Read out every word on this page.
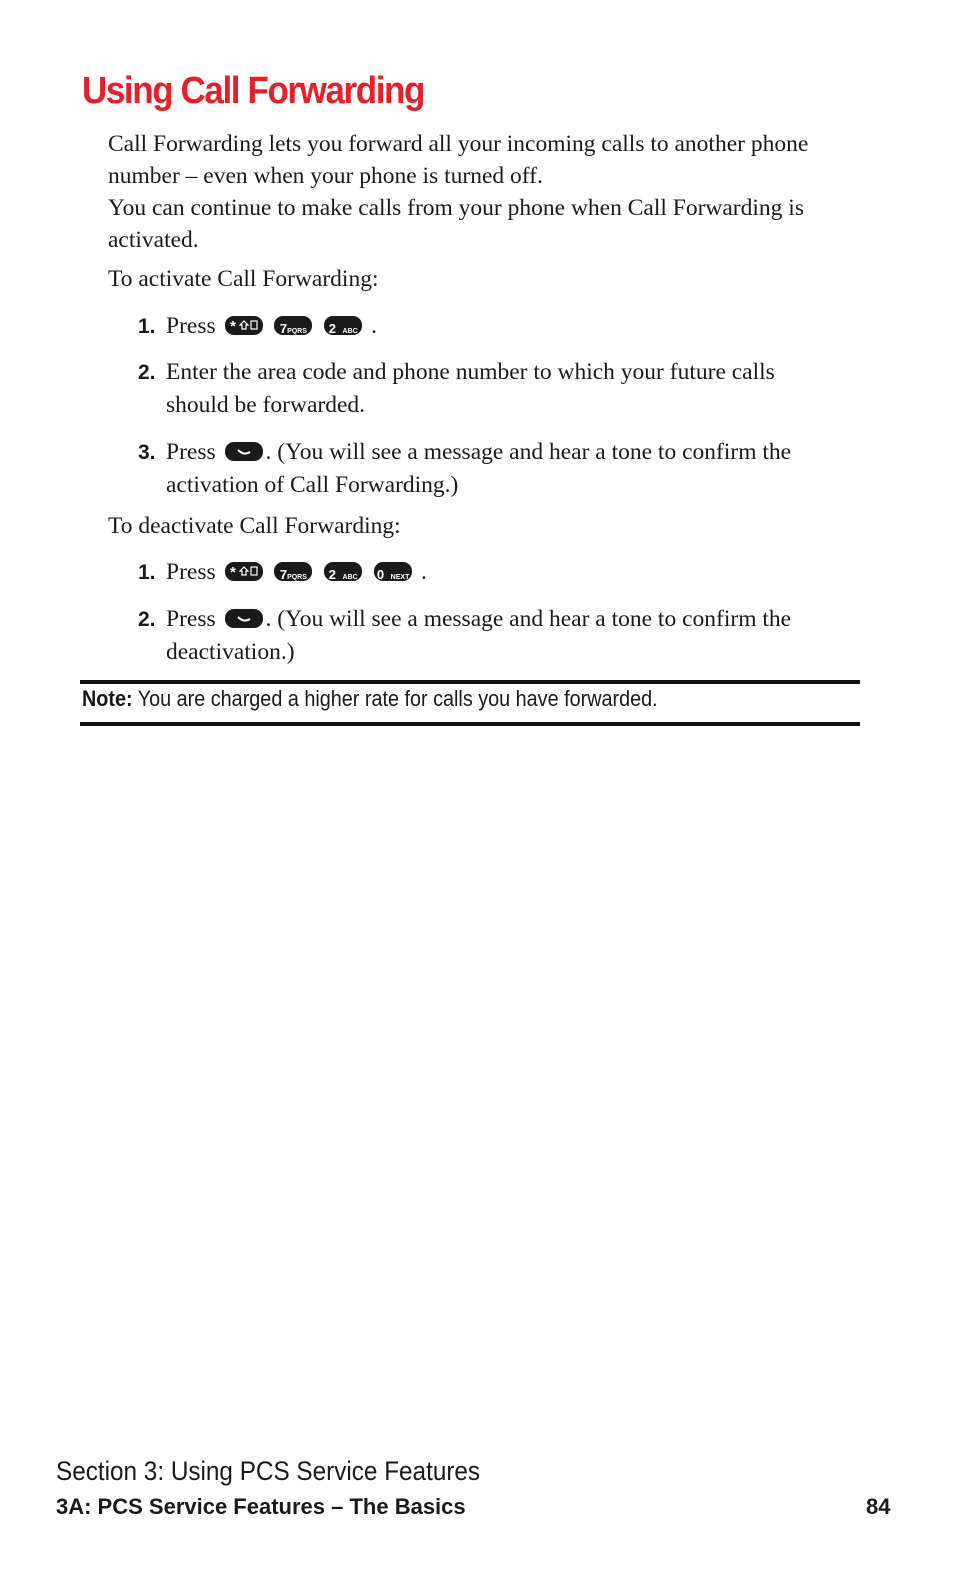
Using Call Forwarding

Call Forwarding lets you forward all your incoming calls to another phone number – even when your phone is turned off.

You can continue to make calls from your phone when Call Forwarding is activated.

To activate Call Forwarding:

1. Press *	7PQRS 2 ABC .
2. Enter the area code and phone number to which your future calls should be forwarded.
3. Press . (You will see a message and hear a tone to confirm the activation of Call Forwarding.)

To deactivate Call Forwarding:

1. Press *	7PQRS 2 ABC 0 NEXT .
2. Press . (You will see a message and hear a tone to confirm the deactivation.)

Note: You are charged a higher rate for calls you have forwarded.

Section 3: Using PCS Service Features

3A: PCS Service Features – The Basics	84
